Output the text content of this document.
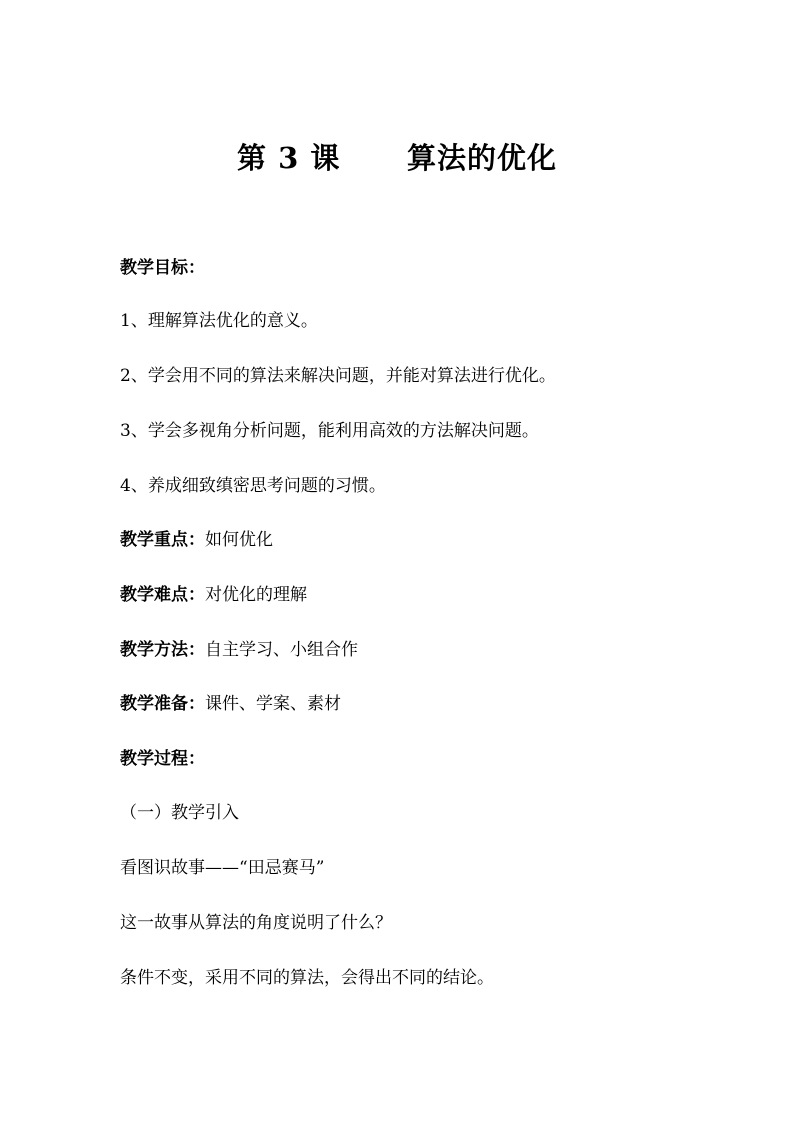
第 3 课      算法的优化
教学目标：
1、理解算法优化的意义。
2、学会用不同的算法来解决问题，并能对算法进行优化。
3、学会多视角分析问题，能利用高效的方法解决问题。
4、养成细致缜密思考问题的习惯。
教学重点：如何优化
教学难点：对优化的理解
教学方法：自主学习、小组合作
教学准备：课件、学案、素材
教学过程：
（一）教学引入
看图识故事——“田忌赛马”
这一故事从算法的角度说明了什么？
条件不变，采用不同的算法，会得出不同的结论。
